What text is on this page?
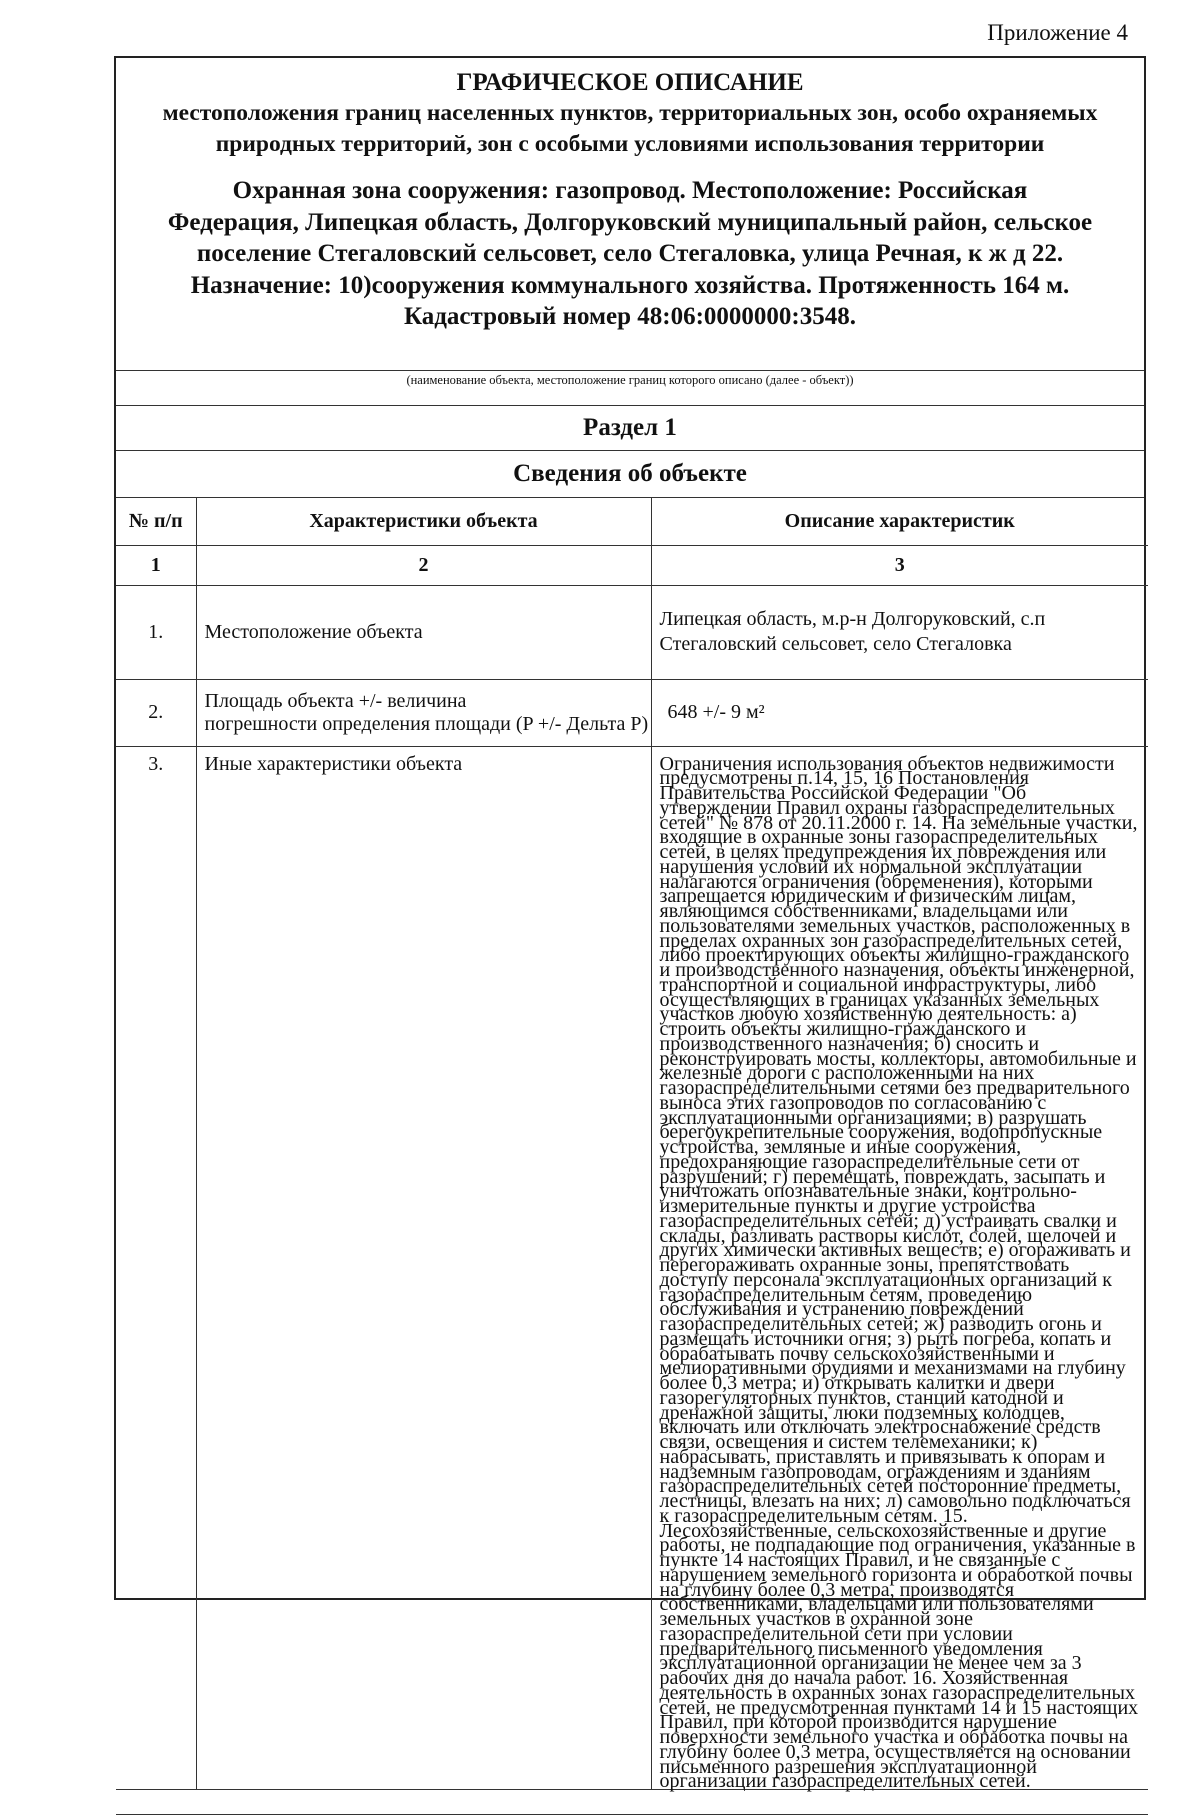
Приложение 4
ГРАФИЧЕСКОЕ ОПИСАНИЕ
местоположения границ населенных пунктов, территориальных зон, особо охраняемых природных территорий, зон с особыми условиями использования территории
Охранная зона сооружения: газопровод. Местоположение: Российская
Федерация, Липецкая область, Долгоруковский муниципальный район, сельское
поселение Стегаловский сельсовет, село Стегаловка, улица Речная, к ж д 22.
Назначение: 10)сооружения коммунального хозяйства. Протяженность 164 м.
Кадастровый номер 48:06:0000000:3548.
(наименование объекта, местоположение границ которого описано (далее - объект))
Раздел 1
Сведения об объекте
№ п/п	Характеристики объекта	Описание характеристик
1	2	3
1.	Местоположение объекта	Липецкая область, м.р-н Долгоруковский, с.п Стегаловский сельсовет, село Стегаловка
2.	Площадь объекта +/- величина
погрешности определения площади (P +/- Дельта P)	648 +/- 9 м²
3.	Иные характеристики объекта	Ограничения использования объектов недвижимости предусмотрены п.14, 15, 16 Постановления Правительства Российской Федерации "Об утверждении Правил охраны газораспределительных сетей" № 878 от 20.11.2000 г. 14. На земельные участки, входящие в охранные зоны газораспределительных сетей, в целях предупреждения их повреждения или нарушения условий их нормальной эксплуатации налагаются ограничения (обременения), которыми запрещается юридическим и физическим лицам, являющимся собственниками, владельцами или пользователями земельных участков, расположенных в пределах охранных зон газораспределительных сетей, либо проектирующих объекты жилищно-гражданского и производственного назначения, объекты инженерной, транспортной и социальной инфраструктуры, либо осуществляющих в границах указанных земельных участков любую хозяйственную деятельность: а) строить объекты жилищно-гражданского и производственного назначения; б) сносить и реконструировать мосты, коллекторы, автомобильные и железные дороги с расположенными на них газораспределительными сетями без предварительного выноса этих газопроводов по согласованию с эксплуатационными организациями; в) разрушать берегоукрепительные сооружения, водопропускные устройства, земляные и иные сооружения, предохраняющие газораспределительные сети от разрушений; г) перемещать, повреждать, засыпать и уничтожать опознавательные знаки, контрольно-измерительные пункты и другие устройства газораспределительных сетей; д) устраивать свалки и склады, разливать растворы кислот, солей, щелочей и других химически активных веществ; е) огораживать и перегораживать охранные зоны, препятствовать доступу персонала эксплуатационных организаций к газораспределительным сетям, проведению обслуживания и устранению повреждений газораспределительных сетей; ж) разводить огонь и размещать источники огня; з) рыть погреба, копать и обрабатывать почву сельскохозяйственными и мелиоративными орудиями и механизмами на глубину более 0,3 метра; и) открывать калитки и двери газорегуляторных пунктов, станций катодной и дренажной защиты, люки подземных колодцев, включать или отключать электроснабжение средств связи, освещения и систем телемеханики; к) набрасывать, приставлять и привязывать к опорам и надземным газопроводам, ограждениям и зданиям газораспределительных сетей посторонние предметы, лестницы, влезать на них; л) самовольно подключаться к газораспределительным сетям. 15. Лесохозяйственные, сельскохозяйственные и другие работы, не подпадающие под ограничения, указанные в пункте 14 настоящих Правил, и не связанные с нарушением земельного горизонта и обработкой почвы на глубину более 0,3 метра, производятся собственниками, владельцами или пользователями земельных участков в охранной зоне газораспределительной сети при условии предварительного письменного уведомления эксплуатационной организации не менее чем за 3 рабочих дня до начала работ. 16. Хозяйственная деятельность в охранных зонах газораспределительных сетей, не предусмотренная пунктами 14 и 15 настоящих Правил, при которой производится нарушение поверхности земельного участка и обработка почвы на глубину более 0,3 метра, осуществляется на основании письменного разрешения эксплуатационной организации газораспределительных сетей.
